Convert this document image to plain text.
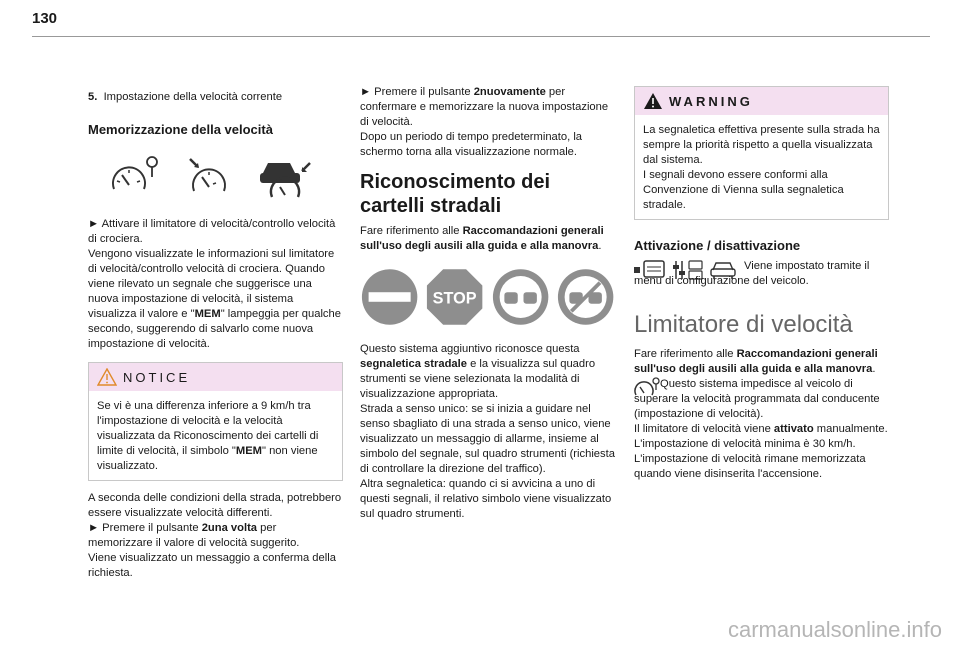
130

5. Impostazione della velocità corrente

Memorizzazione della velocità

► Attivare il limitatore di velocità/controllo velocità di crociera.

Vengono visualizzate le informazioni sul limitatore di velocità/controllo velocità di crociera. Quando viene rilevato un segnale che suggerisce una nuova impostazione di velocità, il sistema visualizza il valore e "MEM" lampeggia per qualche secondo, suggerendo di salvarlo come nuova impostazione di velocità.

NOTICE
Se vi è una differenza inferiore a 9 km/h tra l'impostazione di velocità e la velocità visualizzata da Riconoscimento dei cartelli di limite di velocità, il simbolo "MEM" non viene visualizzato.

A seconda delle condizioni della strada, potrebbero essere visualizzate velocità differenti.

► Premere il pulsante 2una volta per memorizzare il valore di velocità suggerito.

Viene visualizzato un messaggio a conferma della richiesta.

► Premere il pulsante 2nuovamente per confermare e memorizzare la nuova impostazione di velocità.

Dopo un periodo di tempo predeterminato, la schermo torna alla visualizzazione normale.

Riconoscimento dei cartelli stradali

Fare riferimento alle Raccomandazioni generali sull'uso degli ausili alla guida e alla manovra.

STOP

Questo sistema aggiuntivo riconosce questa segnaletica stradale e la visualizza sul quadro strumenti se viene selezionata la modalità di visualizzazione appropriata.

Strada a senso unico: se si inizia a guidare nel senso sbagliato di una strada a senso unico, viene visualizzato un messaggio di allarme, insieme al simbolo del segnale, sul quadro strumenti (richiesta di controllare la direzione del traffico).

Altra segnaletica: quando ci si avvicina a uno di questi segnali, il relativo simbolo viene visualizzato sul quadro strumenti.

WARNING

La segnaletica effettiva presente sulla strada ha sempre la priorità rispetto a quella visualizzata dal sistema.

I segnali devono essere conformi alla Convenzione di Vienna sulla segnaletica stradale.

Attivazione / disattivazione

Viene impostato tramite il menu di configurazione del veicolo.

Limitatore di velocità

Fare riferimento alle Raccomandazioni generali sull'uso degli ausili alla guida e alla manovra.

Questo sistema impedisce al veicolo di superare la velocità programmata dal conducente (impostazione di velocità).

Il limitatore di velocità viene attivato manualmente.

L'impostazione di velocità minima è 30 km/h.

L'impostazione di velocità rimane memorizzata quando viene disinserita l'accensione.

carmanualsonline.info
